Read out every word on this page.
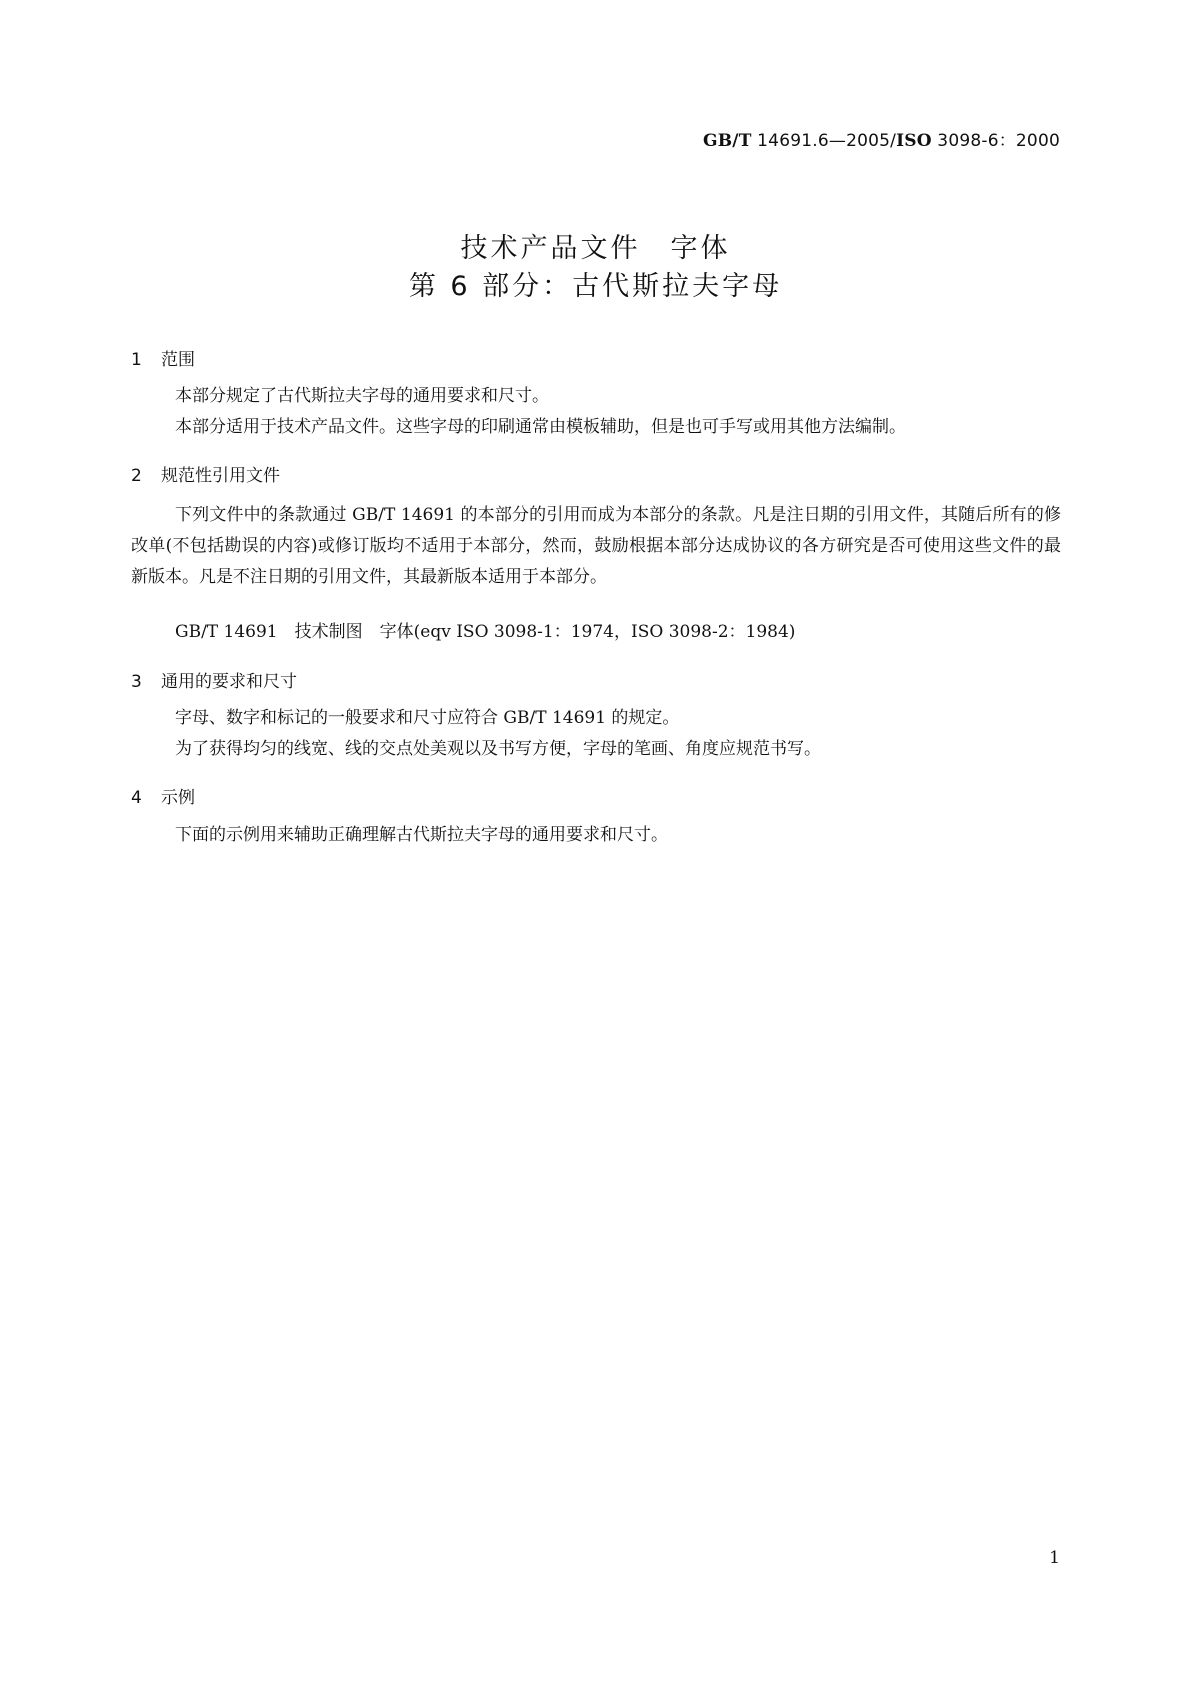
GB/T 14691.6—2005/ISO 3098-6：2000
技术产品文件　字体
第 6 部分：古代斯拉夫字母
1 范围
本部分规定了古代斯拉夫字母的通用要求和尺寸。
本部分适用于技术产品文件。这些字母的印刷通常由模板辅助，但是也可手写或用其他方法编制。
2 规范性引用文件
下列文件中的条款通过 GB/T 14691 的本部分的引用而成为本部分的条款。凡是注日期的引用文件，其随后所有的修改单(不包括勘误的内容)或修订版均不适用于本部分，然而，鼓励根据本部分达成协议的各方研究是否可使用这些文件的最新版本。凡是不注日期的引用文件，其最新版本适用于本部分。
GB/T 14691　技术制图　字体(eqv ISO 3098-1：1974，ISO 3098-2：1984)
3 通用的要求和尺寸
字母、数字和标记的一般要求和尺寸应符合 GB/T 14691 的规定。
为了获得均匀的线宽、线的交点处美观以及书写方便，字母的笔画、角度应规范书写。
4 示例
下面的示例用来辅助正确理解古代斯拉夫字母的通用要求和尺寸。
1
